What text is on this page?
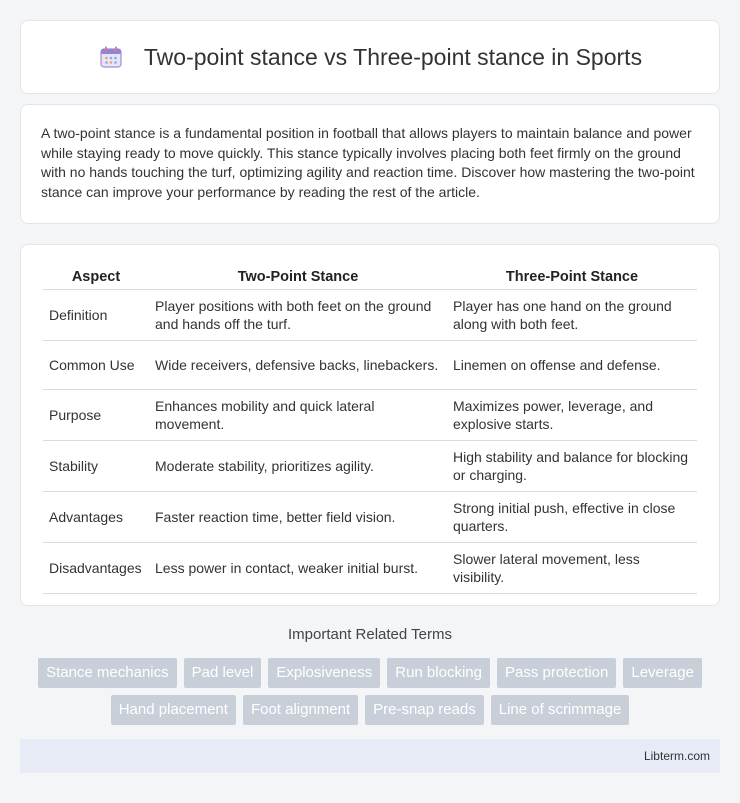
Two-point stance vs Three-point stance in Sports

A two-point stance is a fundamental position in football that allows players to maintain balance and power while staying ready to move quickly. This stance typically involves placing both feet firmly on the ground with no hands touching the turf, optimizing agility and reaction time. Discover how mastering the two-point stance can improve your performance by reading the rest of the article.

Aspect	Two-Point Stance	Three-Point Stance
Definition	Player positions with both feet on the ground and hands off the turf.	Player has one hand on the ground along with both feet.
Common Use	Wide receivers, defensive backs, linebackers.	Linemen on offense and defense.
Purpose	Enhances mobility and quick lateral movement.	Maximizes power, leverage, and explosive starts.
Stability	Moderate stability, prioritizes agility.	High stability and balance for blocking or charging.
Advantages	Faster reaction time, better field vision.	Strong initial push, effective in close quarters.
Disadvantages	Less power in contact, weaker initial burst.	Slower lateral movement, less visibility.
Important Related Terms
Stance mechanics	Pad level	Explosiveness	Run blocking	Pass protection	Leverage
Hand placement	Foot alignment	Pre-snap reads	Line of scrimmage
Libterm.com
